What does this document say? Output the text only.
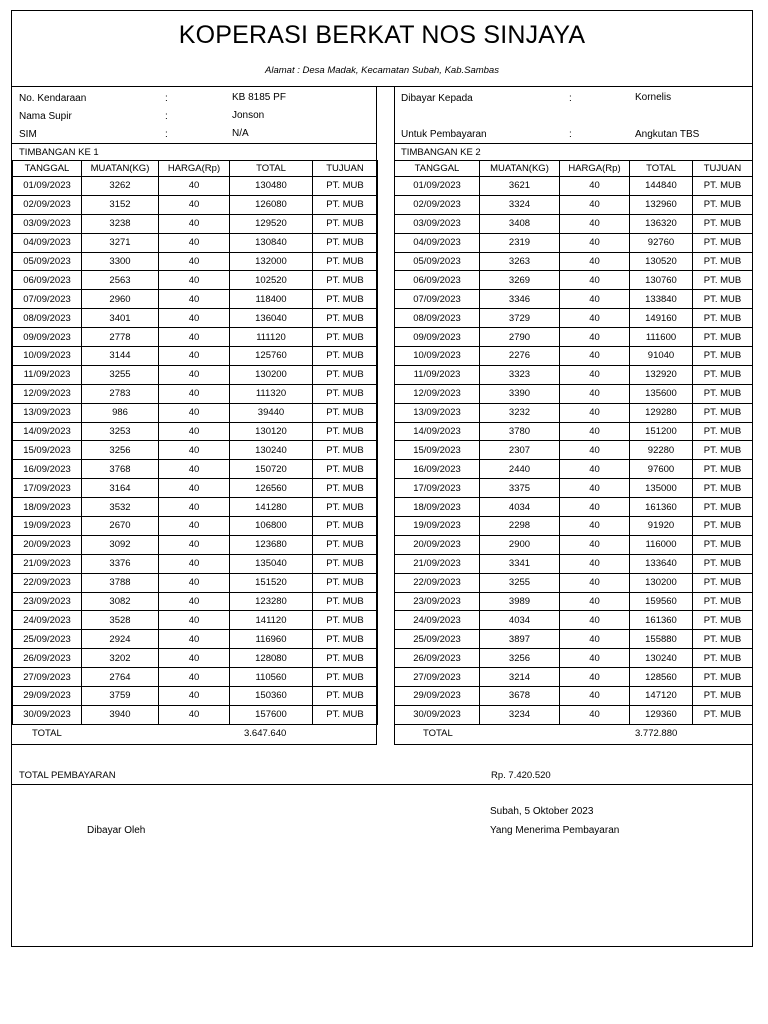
KOPERASI BERKAT NOS SINJAYA
Alamat : Desa Madak, Kecamatan Subah, Kab.Sambas
No. Kendaraan	:	KB 8185 PF
Nama Supir	:	Jonson
SIM	:	N/A
Dibayar Kepada	:	Kornelis
Untuk Pembayaran	:	Angkutan TBS
TIMBANGAN KE 1	TIMBANGAN KE 2
TANGGAL	MUATAN(KG)	HARGA(Rp)	TOTAL	TUJUAN
01/09/2023	3262	40	130480	PT. MUB
02/09/2023	3152	40	126080	PT. MUB
03/09/2023	3238	40	129520	PT. MUB
04/09/2023	3271	40	130840	PT. MUB
05/09/2023	3300	40	132000	PT. MUB
06/09/2023	2563	40	102520	PT. MUB
07/09/2023	2960	40	118400	PT. MUB
08/09/2023	3401	40	136040	PT. MUB
09/09/2023	2778	40	111120	PT. MUB
10/09/2023	3144	40	125760	PT. MUB
11/09/2023	3255	40	130200	PT. MUB
12/09/2023	2783	40	111320	PT. MUB
13/09/2023	986	40	39440	PT. MUB
14/09/2023	3253	40	130120	PT. MUB
15/09/2023	3256	40	130240	PT. MUB
16/09/2023	3768	40	150720	PT. MUB
17/09/2023	3164	40	126560	PT. MUB
18/09/2023	3532	40	141280	PT. MUB
19/09/2023	2670	40	106800	PT. MUB
20/09/2023	3092	40	123680	PT. MUB
21/09/2023	3376	40	135040	PT. MUB
22/09/2023	3788	40	151520	PT. MUB
23/09/2023	3082	40	123280	PT. MUB
24/09/2023	3528	40	141120	PT. MUB
25/09/2023	2924	40	116960	PT. MUB
26/09/2023	3202	40	128080	PT. MUB
27/09/2023	2764	40	110560	PT. MUB
29/09/2023	3759	40	150360	PT. MUB
30/09/2023	3940	40	157600	PT. MUB
TANGGAL	MUATAN(KG)	HARGA(Rp)	TOTAL	TUJUAN
01/09/2023	3621	40	144840	PT. MUB
02/09/2023	3324	40	132960	PT. MUB
03/09/2023	3408	40	136320	PT. MUB
04/09/2023	2319	40	92760	PT. MUB
05/09/2023	3263	40	130520	PT. MUB
06/09/2023	3269	40	130760	PT. MUB
07/09/2023	3346	40	133840	PT. MUB
08/09/2023	3729	40	149160	PT. MUB
09/09/2023	2790	40	111600	PT. MUB
10/09/2023	2276	40	91040	PT. MUB
11/09/2023	3323	40	132920	PT. MUB
12/09/2023	3390	40	135600	PT. MUB
13/09/2023	3232	40	129280	PT. MUB
14/09/2023	3780	40	151200	PT. MUB
15/09/2023	2307	40	92280	PT. MUB
16/09/2023	2440	40	97600	PT. MUB
17/09/2023	3375	40	135000	PT. MUB
18/09/2023	4034	40	161360	PT. MUB
19/09/2023	2298	40	91920	PT. MUB
20/09/2023	2900	40	116000	PT. MUB
21/09/2023	3341	40	133640	PT. MUB
22/09/2023	3255	40	130200	PT. MUB
23/09/2023	3989	40	159560	PT. MUB
24/09/2023	4034	40	161360	PT. MUB
25/09/2023	3897	40	155880	PT. MUB
26/09/2023	3256	40	130240	PT. MUB
27/09/2023	3214	40	128560	PT. MUB
29/09/2023	3678	40	147120	PT. MUB
30/09/2023	3234	40	129360	PT. MUB
TOTAL	3.647.640	TOTAL	3.772.880
TOTAL PEMBAYARAN	Rp. 7.420.520
Dibayar Oleh
Subah, 5 Oktober 2023
Yang Menerima Pembayaran
